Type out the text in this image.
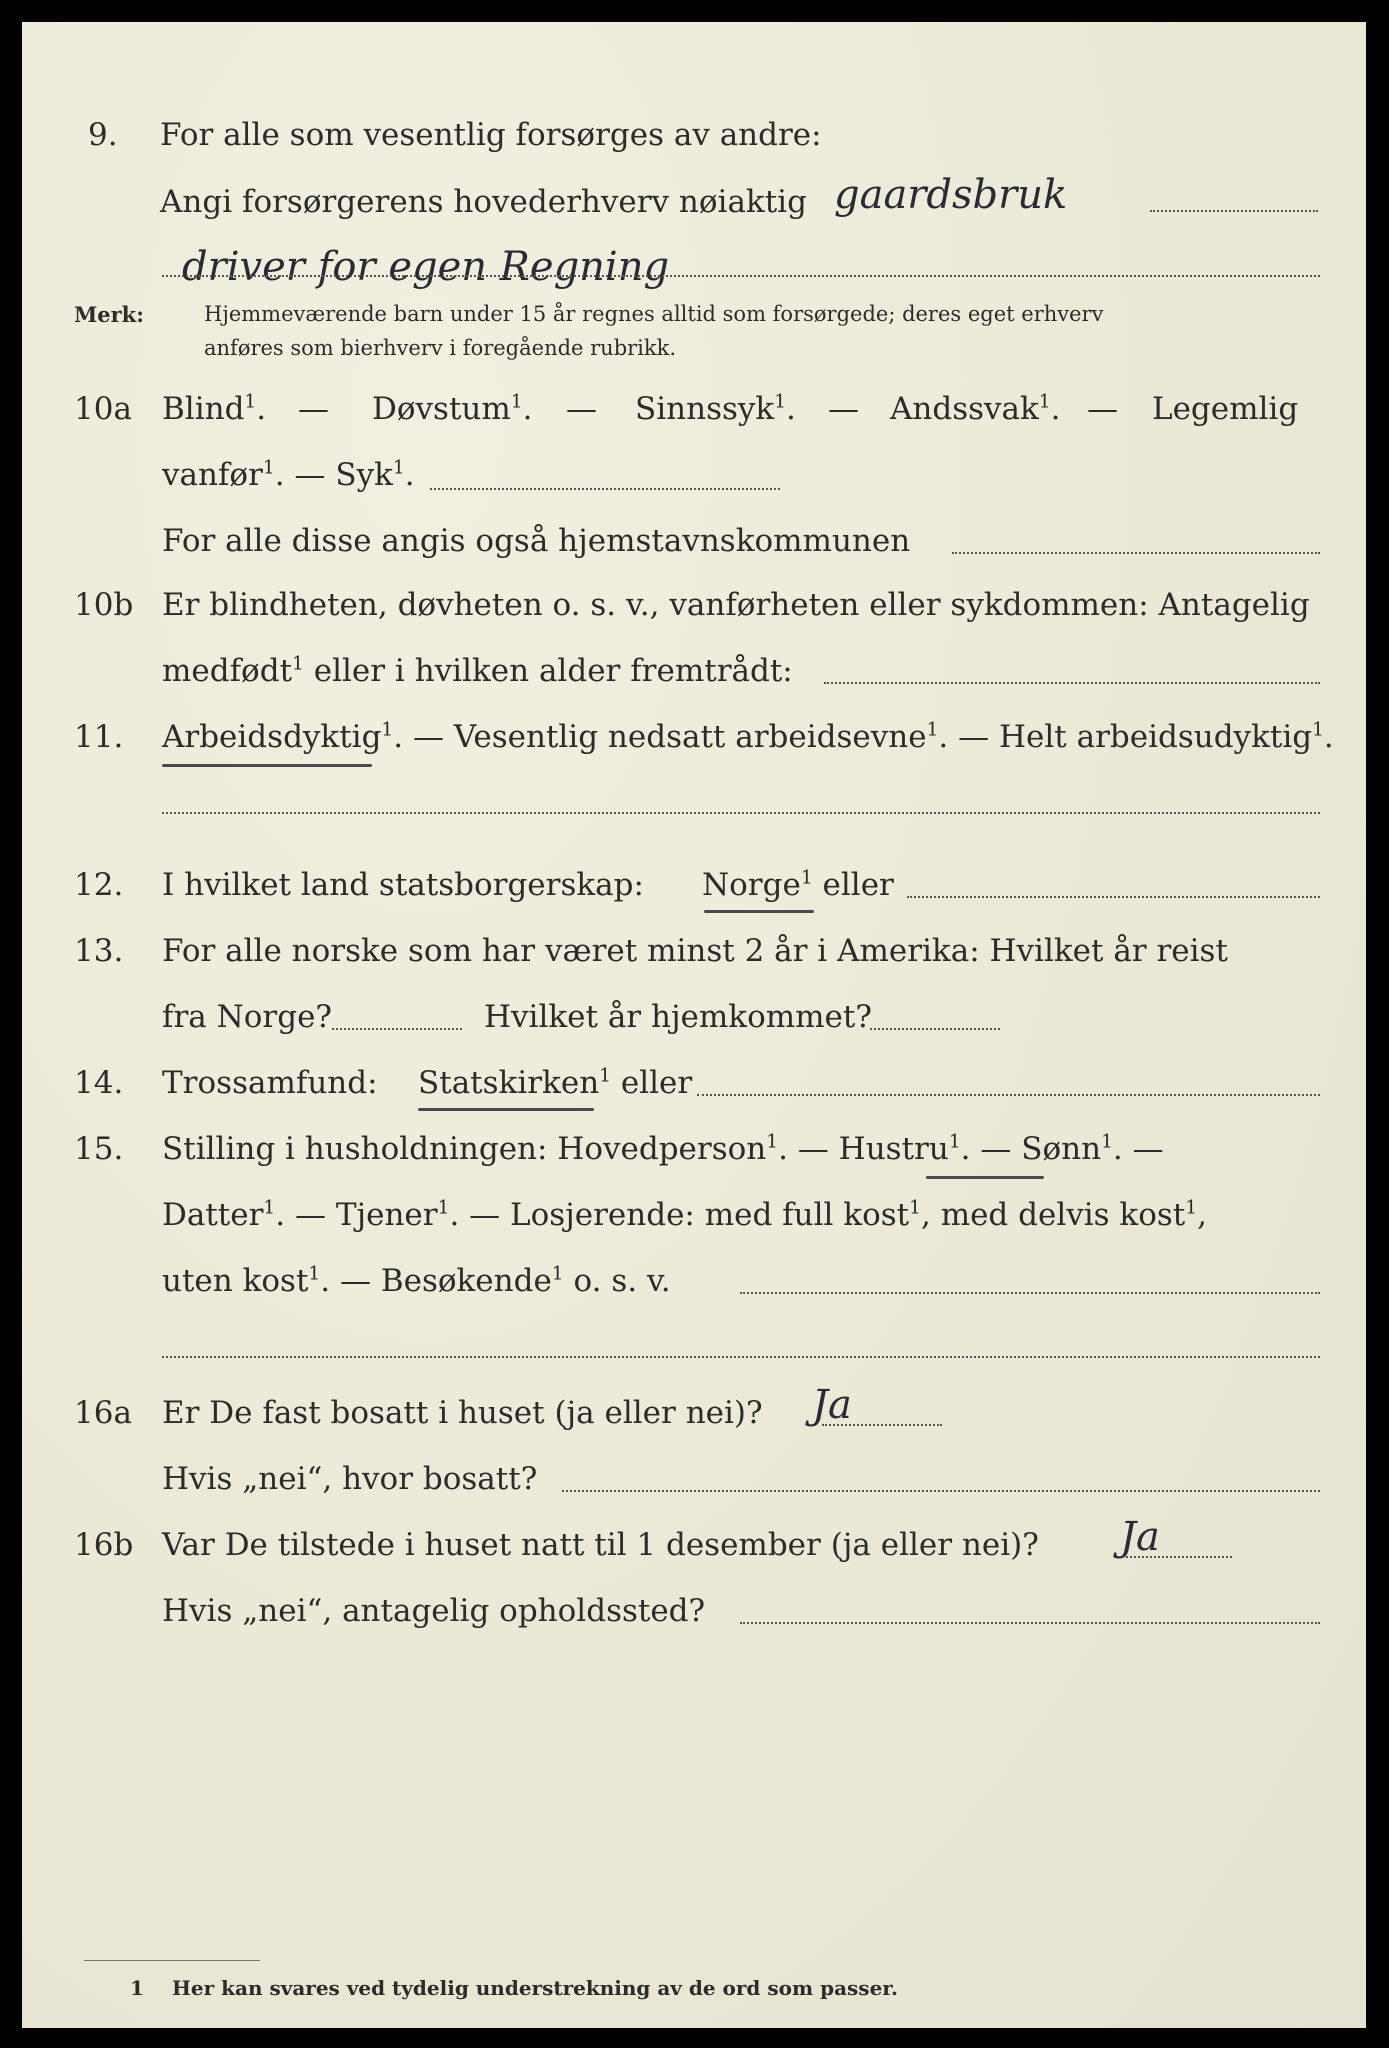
9. For alle som vesentlig forsørges av andre:
Angi forsørgerens hovederhverv nøiaktig gaardsbruk
driver for egen Regning
Merk:	Hjemmeværende barn under 15 år regnes alltid som forsørgede; deres eget erhverv
anføres som bierhverv i foregående rubrikk.
10a Blind$^1$. — Døvstum$^1$. — Sinnssyk$^1$. — Andssvak$^1$. — Legemlig
vanfør$^1$. — Syk$^1$.
For alle disse angis også hjemstavnskommunen
10b Er blindheten, døvheten o. s. v., vanførheten eller sykdommen: Antagelig
medfødt$^1$ eller i hvilken alder fremtrådt:
11. Arbeidsdyktig$^1$. — Vesentlig nedsatt arbeidsevne$^1$. — Helt arbeidsudyktig$^1$.
12. I hvilket land statsborgerskap: Norge$^1$ eller
13. For alle norske som har været minst 2 år i Amerika: Hvilket år reist
fra Norge?	Hvilket år hjemkommet?
14. Trossamfund: Statskirken$^1$ eller
15. Stilling i husholdningen: Hovedperson$^1$. — Hustru$^1$. — Sønn$^1$. —
Datter$^1$. — Tjener$^1$. — Losjerende: med full kost$^1$, med delvis kost$^1$,
uten kost$^1$. — Besøkende$^1$ o. s. v.
16a Er De fast bosatt i huset (ja eller nei)? Ja
Hvis „nei“, hvor bosatt?
16b Var De tilstede i huset natt til 1 desember (ja eller nei)? Ja
Hvis „nei“, antagelig opholdssted?
1 Her kan svares ved tydelig understrekning av de ord som passer.
